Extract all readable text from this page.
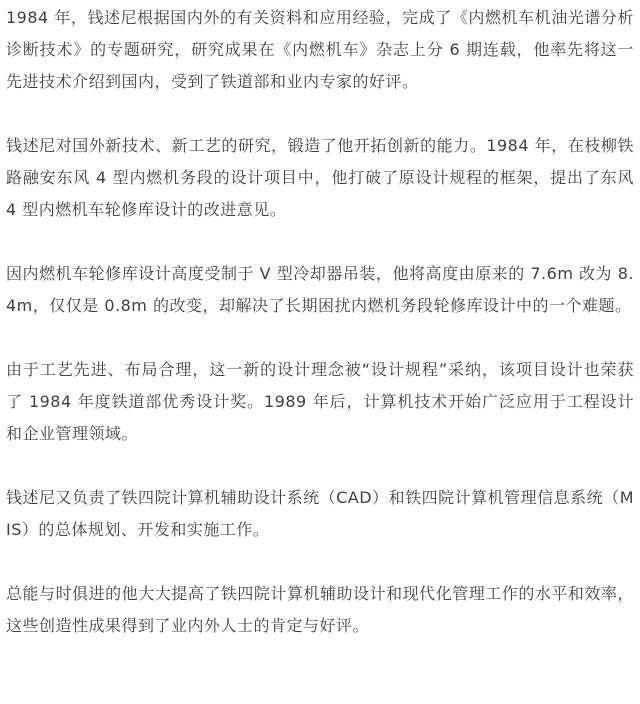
1984 年，钱述尼根据国内外的有关资料和应用经验，完成了《内燃机车机油光谱分析诊断技术》的专题研究，研究成果在《内燃机车》杂志上分 6 期连载，他率先将这一先进技术介绍到国内，受到了铁道部和业内专家的好评。

钱述尼对国外新技术、新工艺的研究，锻造了他开拓创新的能力。1984 年，在枝柳铁路融安东风 4 型内燃机务段的设计项目中，他打破了原设计规程的框架，提出了东风 4 型内燃机车轮修库设计的改进意见。

因内燃机车轮修库设计高度受制于 V 型冷却器吊装，他将高度由原来的 7.6m 改为 8.4m，仅仅是 0.8m 的改变，却解决了长期困扰内燃机务段轮修库设计中的一个难题。

由于工艺先进、布局合理，这一新的设计理念被“设计规程”采纳，该项目设计也荣获了 1984 年度铁道部优秀设计奖。1989 年后，计算机技术开始广泛应用于工程设计和企业管理领域。

钱述尼又负责了铁四院计算机辅助设计系统（CAD）和铁四院计算机管理信息系统（MIS）的总体规划、开发和实施工作。

总能与时俱进的他大大提高了铁四院计算机辅助设计和现代化管理工作的水平和效率，这些创造性成果得到了业内外人士的肯定与好评。
